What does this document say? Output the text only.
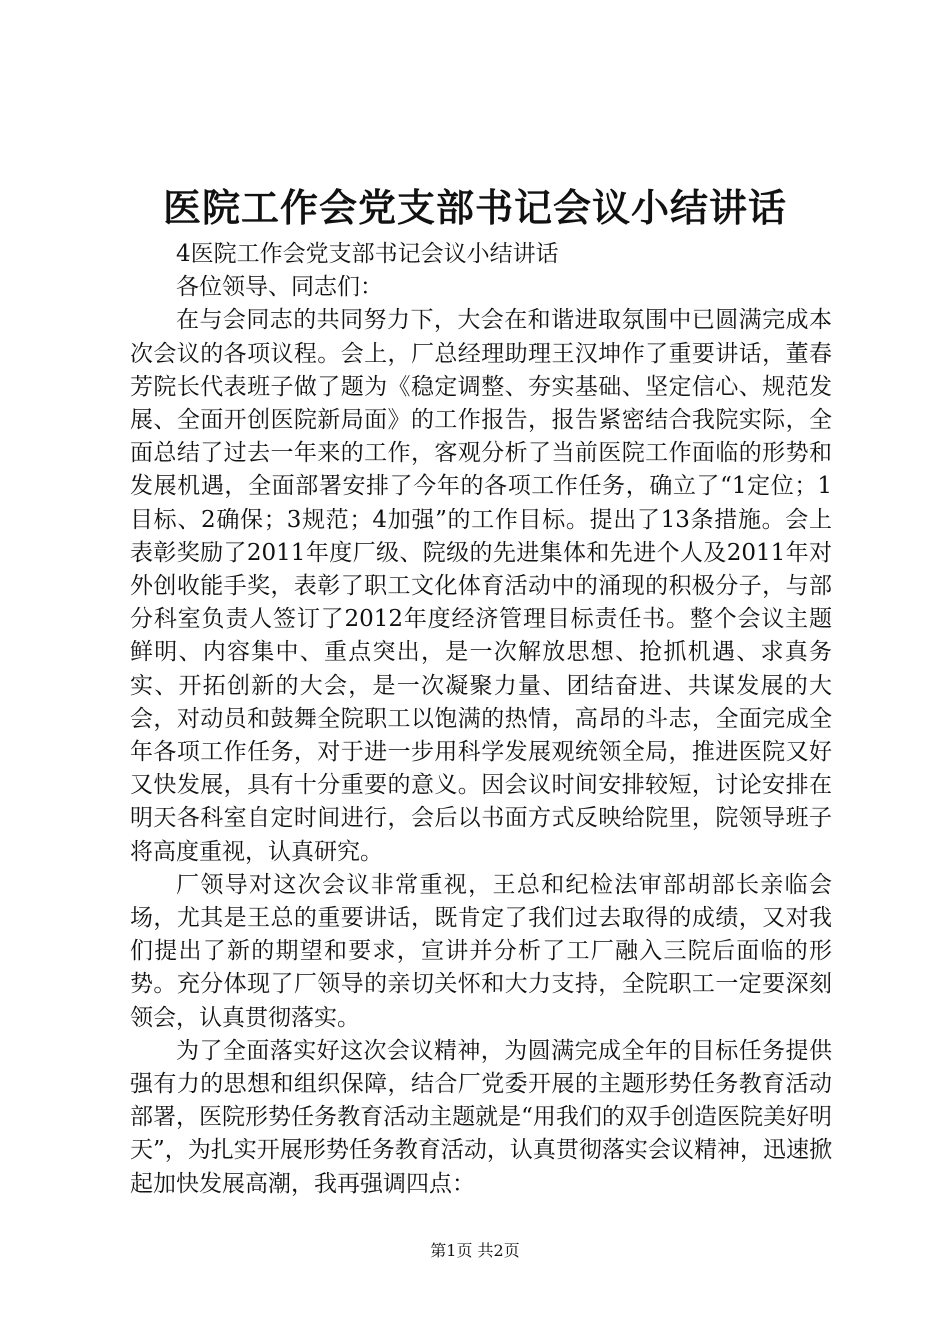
医院工作会党支部书记会议小结讲话

4医院工作会党支部书记会议小结讲话

各位领导、同志们：

在与会同志的共同努力下，大会在和谐进取氛围中已圆满完成本次会议的各项议程。会上，厂总经理助理王汉坤作了重要讲话，董春芳院长代表班子做了题为《稳定调整、夯实基础、坚定信心、规范发展、全面开创医院新局面》的工作报告，报告紧密结合我院实际，全面总结了过去一年来的工作，客观分析了当前医院工作面临的形势和发展机遇，全面部署安排了今年的各项工作任务，确立了“1定位；1目标、2确保；3规范；4加强”的工作目标。提出了13条措施。会上表彰奖励了2011年度厂级、院级的先进集体和先进个人及2011年对外创收能手奖，表彰了职工文化体育活动中的涌现的积极分子，与部分科室负责人签订了2012年度经济管理目标责任书。整个会议主题鲜明、内容集中、重点突出，是一次解放思想、抢抓机遇、求真务实、开拓创新的大会，是一次凝聚力量、团结奋进、共谋发展的大会，对动员和鼓舞全院职工以饱满的热情，高昂的斗志，全面完成全年各项工作任务，对于进一步用科学发展观统领全局，推进医院又好又快发展，具有十分重要的意义。因会议时间安排较短，讨论安排在明天各科室自定时间进行，会后以书面方式反映给院里，院领导班子将高度重视，认真研究。

厂领导对这次会议非常重视，王总和纪检法审部胡部长亲临会场，尤其是王总的重要讲话，既肯定了我们过去取得的成绩，又对我们提出了新的期望和要求，宣讲并分析了工厂融入三院后面临的形势。充分体现了厂领导的亲切关怀和大力支持，全院职工一定要深刻领会，认真贯彻落实。

为了全面落实好这次会议精神，为圆满完成全年的目标任务提供强有力的思想和组织保障，结合厂党委开展的主题形势任务教育活动部署，医院形势任务教育活动主题就是“用我们的双手创造医院美好明天”，为扎实开展形势任务教育活动，认真贯彻落实会议精神，迅速掀起加快发展高潮，我再强调四点：

第1页 共2页
